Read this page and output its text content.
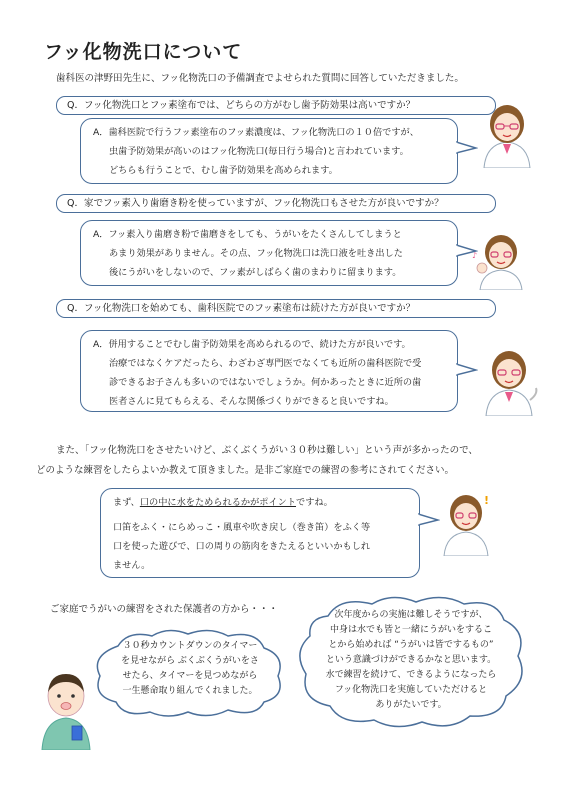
フッ化物洗口について
歯科医の津野田先生に、フッ化物洗口の予備調査でよせられた質問に回答していただきました。
Q．フッ化物洗口とフッ素塗布では、どちらの方がむし歯予防効果は高いですか？
A．歯科医院で行うフッ素塗布のフッ素濃度は、フッ化物洗口の１０倍ですが、
虫歯予防効果が高いのはフッ化物洗口(毎日行う場合)と言われています。
どちらも行うことで、むし歯予防効果を高められます。
Q．家でフッ素入り歯磨き粉を使っていますが、フッ化物洗口もさせた方が良いですか？
A．フッ素入り歯磨き粉で歯磨きをしても、うがいをたくさんしてしまうと
あまり効果がありません。その点、フッ化物洗口は洗口液を吐き出した
後にうがいをしないので、フッ素がしばらく歯のまわりに留まります。
Q．フッ化物洗口を始めても、歯科医院でのフッ素塗布は続けた方が良いですか？
A．併用することでむし歯予防効果を高められるので、続けた方が良いです。
治療ではなくケアだったら、わざわざ専門医でなくても近所の歯科医院で受
診できるお子さんも多いのではないでしょうか。何かあったときに近所の歯
医者さんに見てもらえる、そんな関係づくりができると良いですね。
♪
また、「フッ化物洗口をさせたいけど、ぶくぶくうがい３０秒は難しい」という声が多かったので、
どのような練習をしたらよいか教えて頂きました。是非ご家庭での練習の参考にされてください。
まず、口の中に水をためられるかがポイントですね。
口笛をふく・にらめっこ・風車や吹き戻し（巻き笛）をふく等
口を使った遊びで、口の周りの筋肉をきたえるといいかもしれ
ません。
!
ご家庭でうがいの練習をされた保護者の方から・・・
３０秒カウントダウンのタイマー
を見せながら ぶくぶくうがいをさ
せたら、タイマーを見つめながら
一生懸命取り組んでくれました。
次年度からの実施は難しそうですが、
中身は水でも皆と一緒にうがいをするこ
とから始めれば “うがいは皆でするもの”
という意識づけができるかなと思います。
水で練習を続けて、できるようになったら
フッ化物洗口を実施していただけると
ありがたいです。
